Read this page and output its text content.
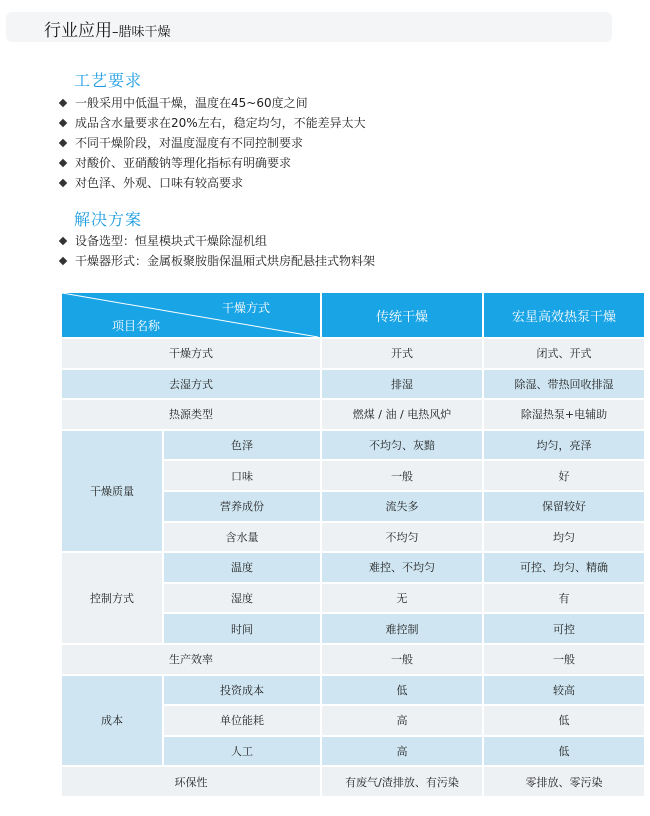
行业应用–腊味干燥
工艺要求
一般采用中低温干燥，温度在45~60度之间
成品含水量要求在20%左右，稳定均匀，不能差异太大
不同干燥阶段，对温度湿度有不同控制要求
对酸价、亚硝酸钠等理化指标有明确要求
对色泽、外观、口味有较高要求
解决方案
设备选型：恒星模块式干燥除湿机组
干燥器形式：金属板聚胺脂保温厢式烘房配悬挂式物料架
干燥方式
项目名称		传统干燥	宏星高效热泵干燥
干燥方式		开式	闭式、开式
去湿方式		排湿	除湿、带热回收排湿
热源类型		燃煤 / 油 / 电热风炉	除湿热泵+电辅助
干燥质量	色泽	不均匀、灰黯	均匀，亮泽
	口味	一般	好
	营养成份	流失多	保留较好
	含水量	不均匀	均匀
控制方式	温度	难控、不均匀	可控、均匀、精确
	湿度	无	有
	时间	难控制	可控
生产效率		一般	一般
成本	投资成本	低	较高
	单位能耗	高	低
	人工	高	低
环保性		有废气/渣排放、有污染	零排放、零污染
